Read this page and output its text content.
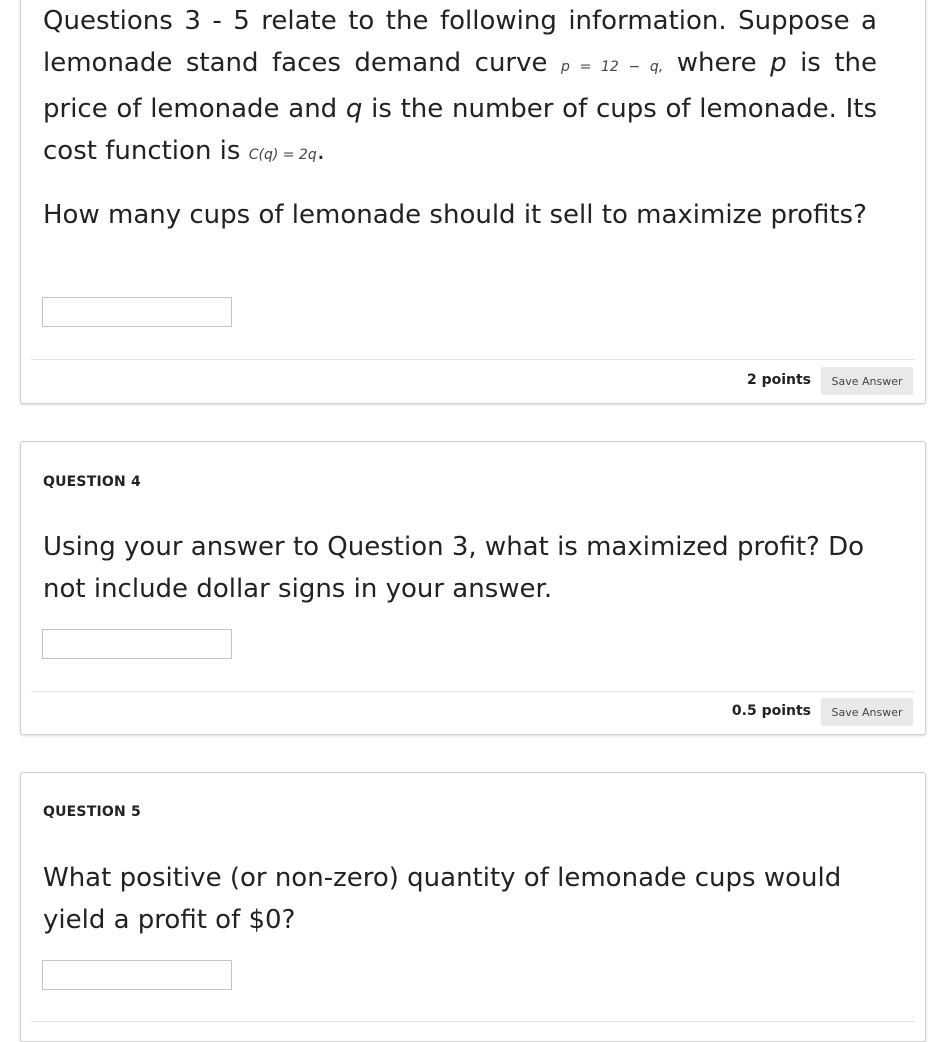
Questions 3 - 5 relate to the following information. Suppose a lemonade stand faces demand curve p = 12 − q, where p is the price of lemonade and q is the number of cups of lemonade. Its cost function is C(q) = 2q.
How many cups of lemonade should it sell to maximize profits?
2 points	Save Answer
QUESTION 4
Using your answer to Question 3, what is maximized profit? Do not include dollar signs in your answer.
0.5 points	Save Answer
QUESTION 5
What positive (or non-zero) quantity of lemonade cups would yield a profit of $0?
